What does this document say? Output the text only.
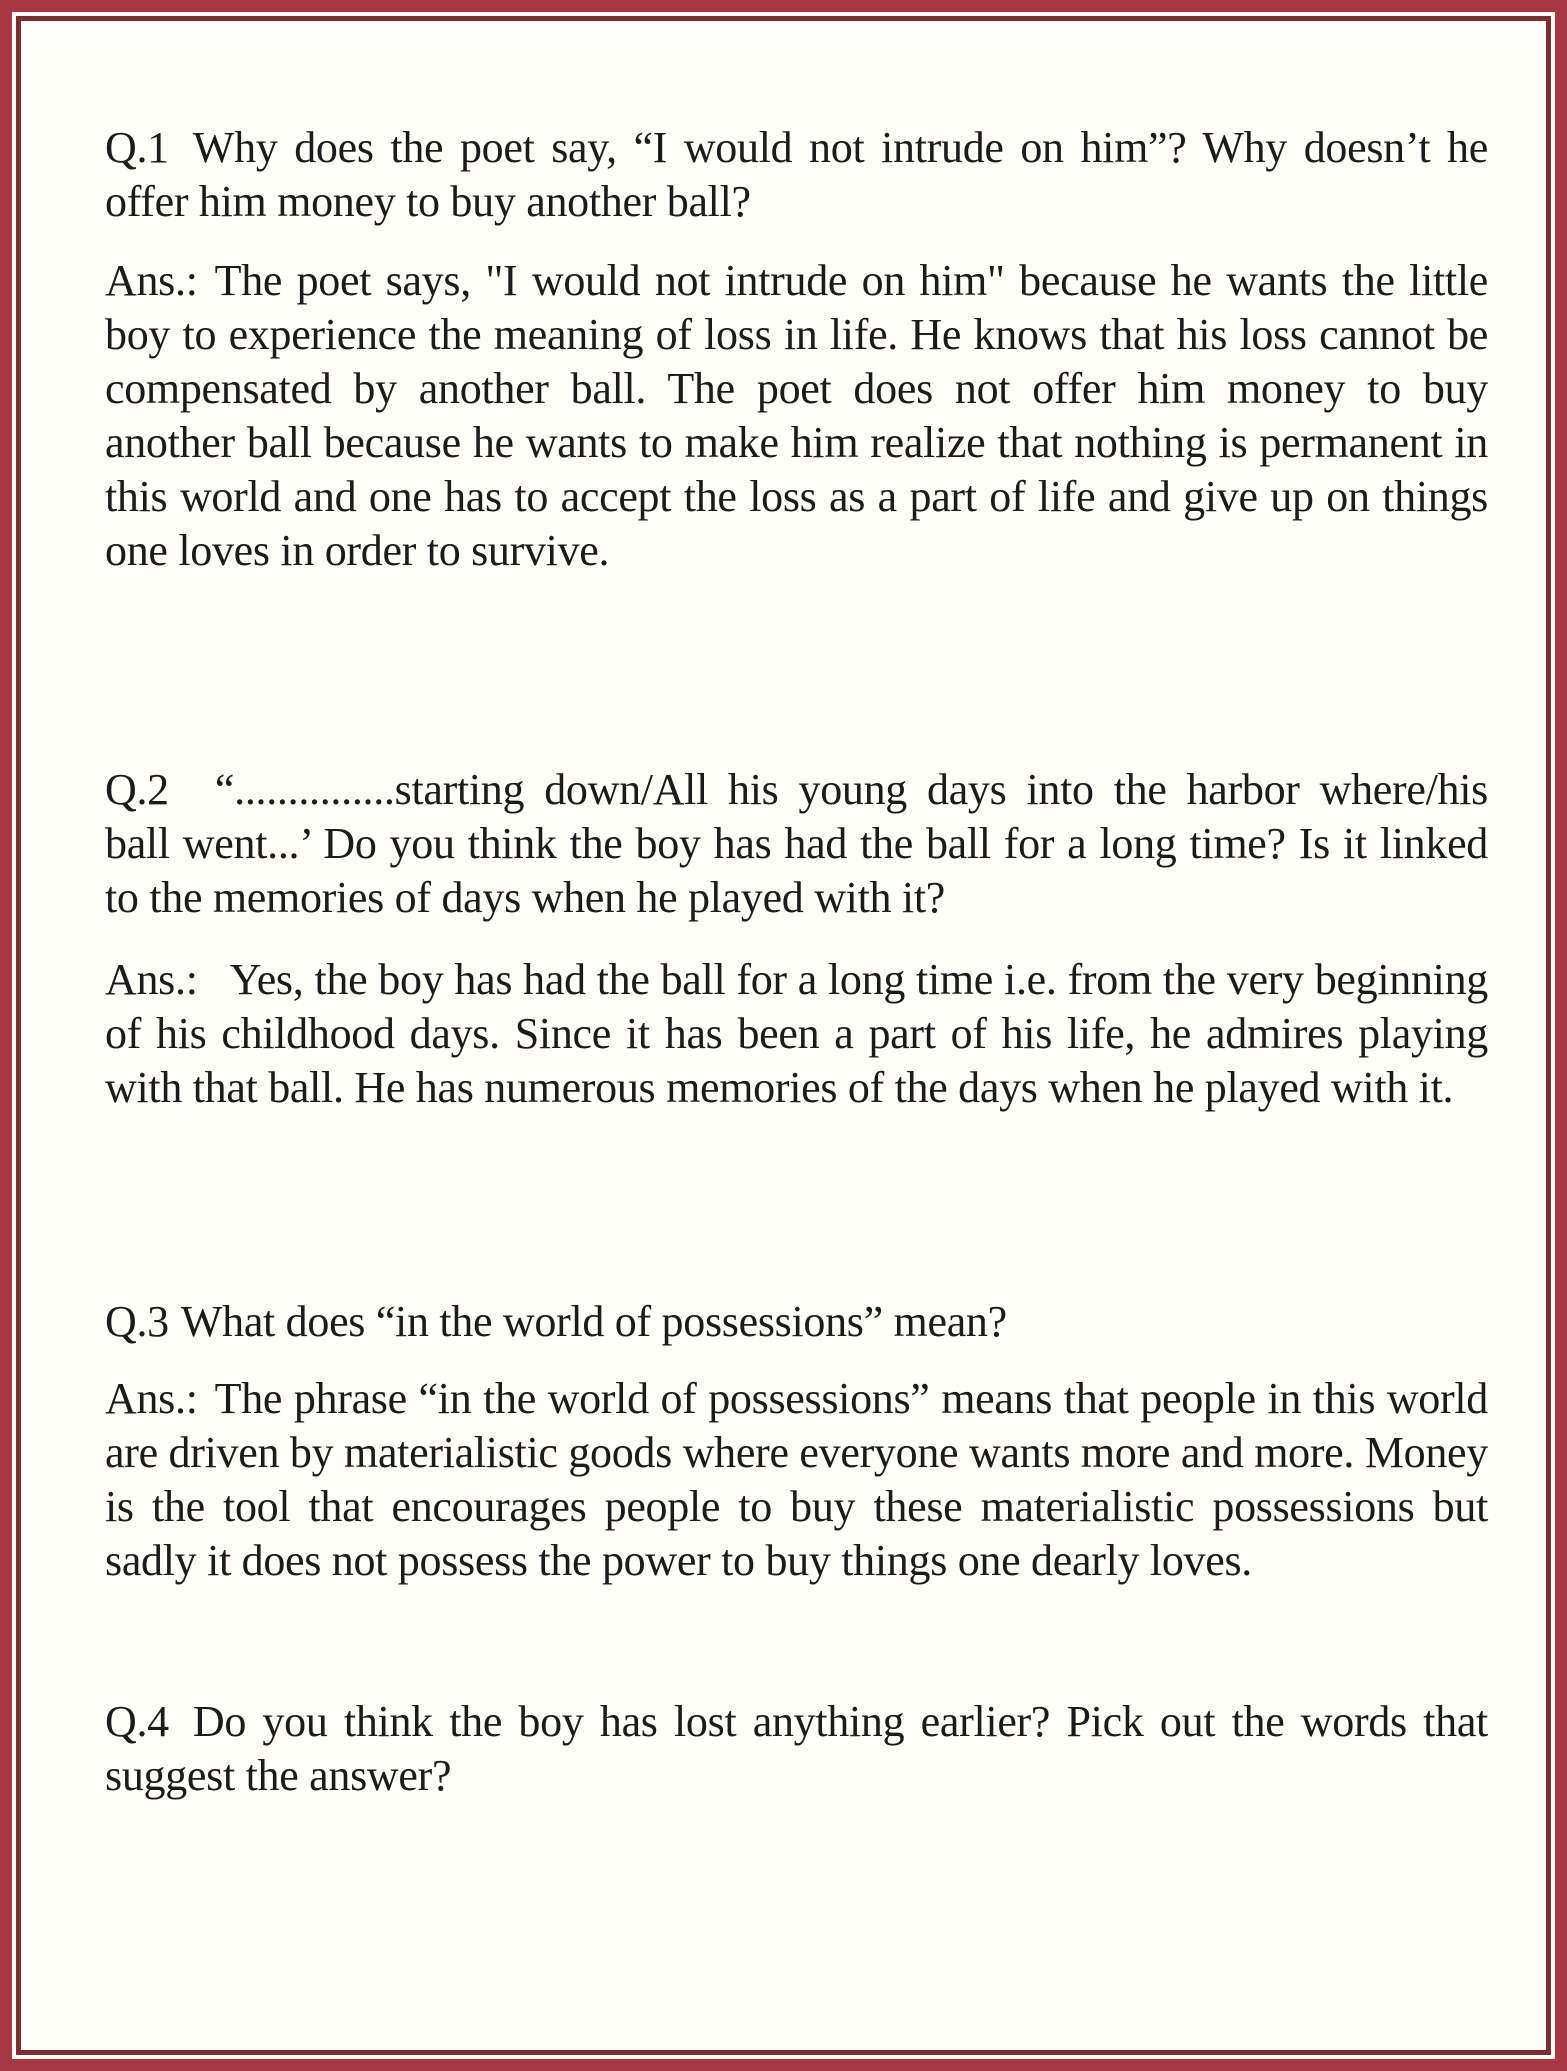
Q.1 Why does the poet say, “I would not intrude on him”? Why doesn’t he offer him money to buy another ball?

Ans.: The poet says, "I would not intrude on him" because he wants the little boy to experience the meaning of loss in life. He knows that his loss cannot be compensated by another ball. The poet does not offer him money to buy another ball because he wants to make him realize that nothing is permanent in this world and one has to accept the loss as a part of life and give up on things one loves in order to survive.

Q.2 “...............starting down/All his young days into the harbor where/his ball went...’ Do you think the boy has had the ball for a long time? Is it linked to the memories of days when he played with it?

Ans.: Yes, the boy has had the ball for a long time i.e. from the very beginning of his childhood days. Since it has been a part of his life, he admires playing with that ball. He has numerous memories of the days when he played with it.

Q.3 What does “in the world of possessions” mean?

Ans.: The phrase “in the world of possessions” means that people in this world are driven by materialistic goods where everyone wants more and more. Money is the tool that encourages people to buy these materialistic possessions but sadly it does not possess the power to buy things one dearly loves.

Q.4 Do you think the boy has lost anything earlier? Pick out the words that suggest the answer?
